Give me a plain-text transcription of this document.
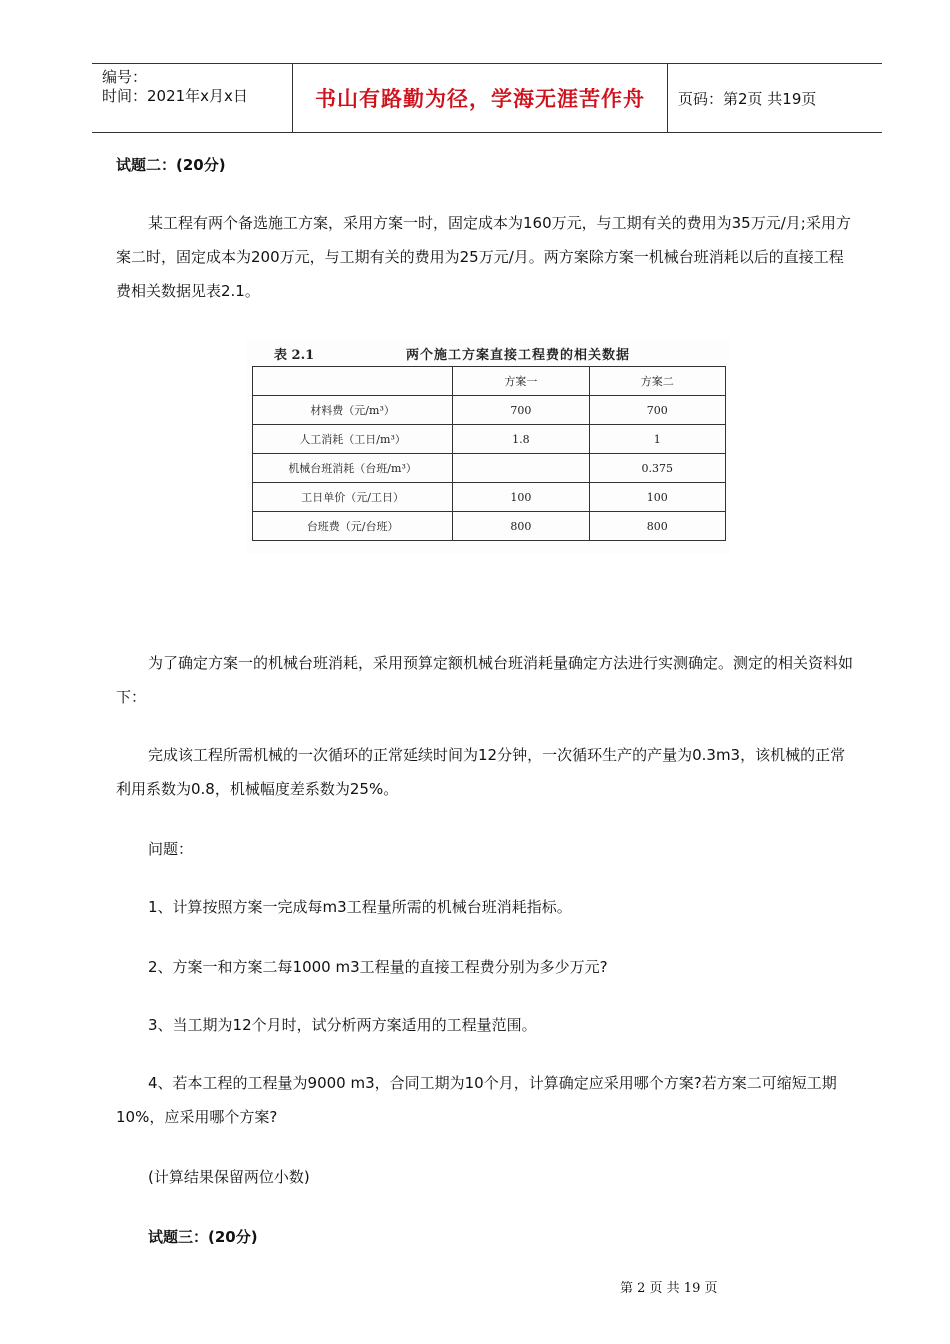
编号：
时间：2021年x月x日	书山有路勤为径，学海无涯苦作舟	页码：第2页 共19页
试题二：(20分)
某工程有两个备选施工方案，采用方案一时，固定成本为160万元，与工期有关的费用为35万元/月;采用方案二时，固定成本为200万元，与工期有关的费用为25万元/月。两方案除方案一机械台班消耗以后的直接工程费相关数据见表2.1。
表 2.1	两个施工方案直接工程费的相关数据
	方案一	方案二
材料费（元/m³）	700	700
人工消耗（工日/m³）	1.8	1
机械台班消耗（台班/m³）		0.375
工日单价（元/工日）	100	100
台班费（元/台班）	800	800
为了确定方案一的机械台班消耗，采用预算定额机械台班消耗量确定方法进行实测确定。测定的相关资料如下：
完成该工程所需机械的一次循环的正常延续时间为12分钟，一次循环生产的产量为0.3m3，该机械的正常利用系数为0.8，机械幅度差系数为25%。
问题：
1、计算按照方案一完成每m3工程量所需的机械台班消耗指标。
2、方案一和方案二每1000 m3工程量的直接工程费分别为多少万元?
3、当工期为12个月时，试分析两方案适用的工程量范围。
4、若本工程的工程量为9000 m3，合同工期为10个月，计算确定应采用哪个方案?若方案二可缩短工期10%，应采用哪个方案?
(计算结果保留两位小数)
试题三：(20分)
第 2 页 共 19 页
